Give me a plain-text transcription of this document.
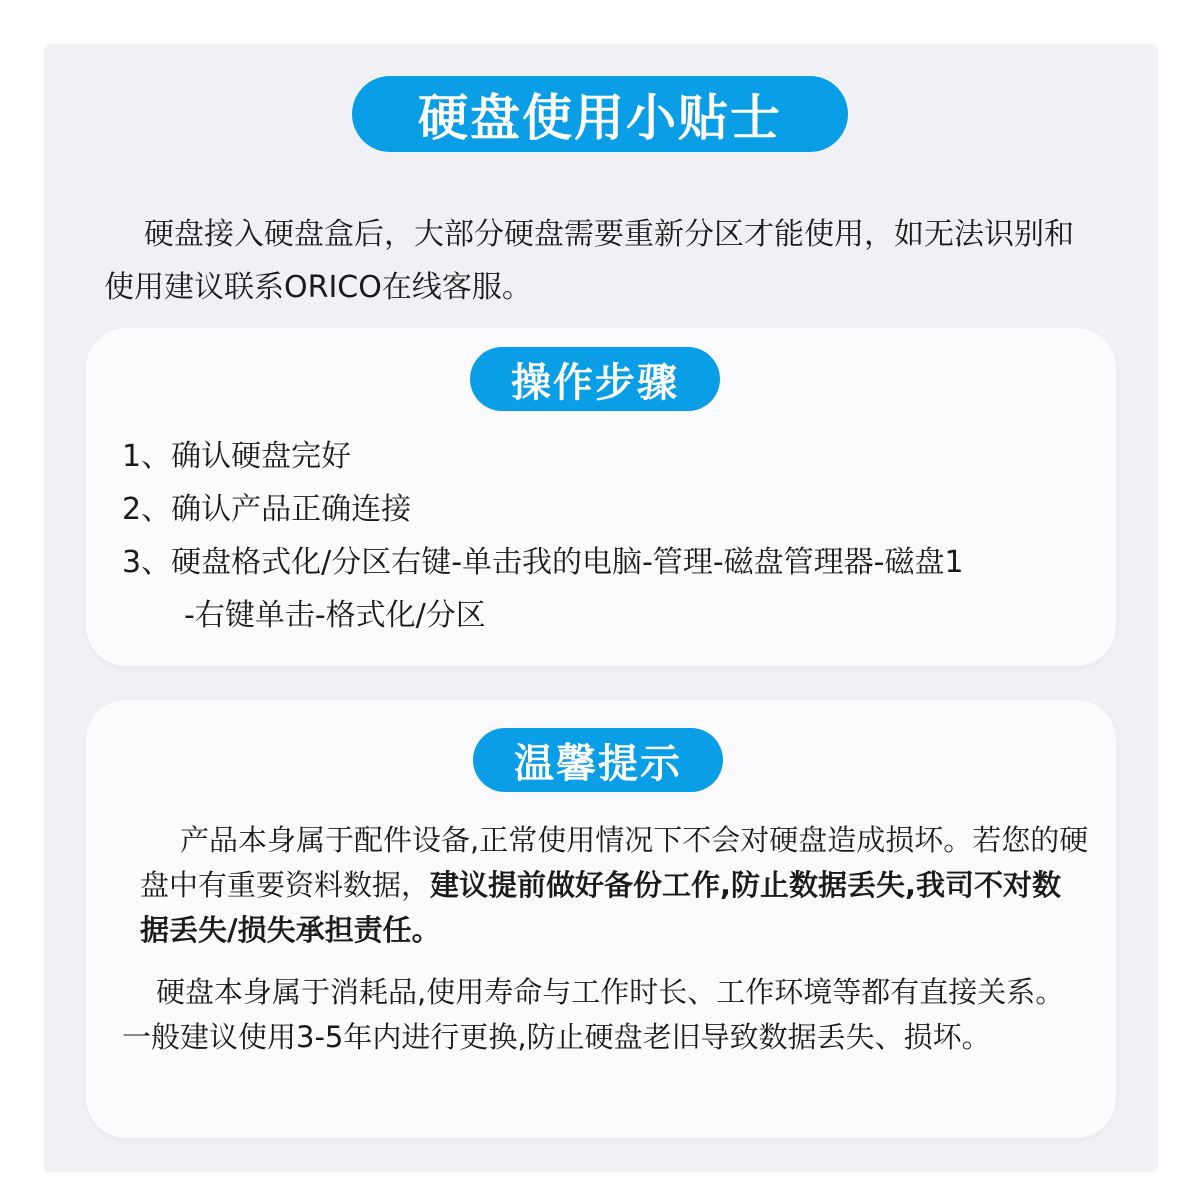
硬盘使用小贴士

硬盘接入硬盘盒后，大部分硬盘需要重新分区才能使用，如无法识别和使用建议联系ORICO在线客服。

操作步骤
1、确认硬盘完好
2、确认产品正确连接
3、硬盘格式化/分区右键-单击我的电脑-管理-磁盘管理器-磁盘1
-右键单击-格式化/分区
温馨提示

产品本身属于配件设备,正常使用情况下不会对硬盘造成损坏。若您的硬盘中有重要资料数据，建议提前做好备份工作,防止数据丢失,我司不对数据丢失/损失承担责任。

硬盘本身属于消耗品,使用寿命与工作时长、工作环境等都有直接关系。一般建议使用3-5年内进行更换,防止硬盘老旧导致数据丢失、损坏。
